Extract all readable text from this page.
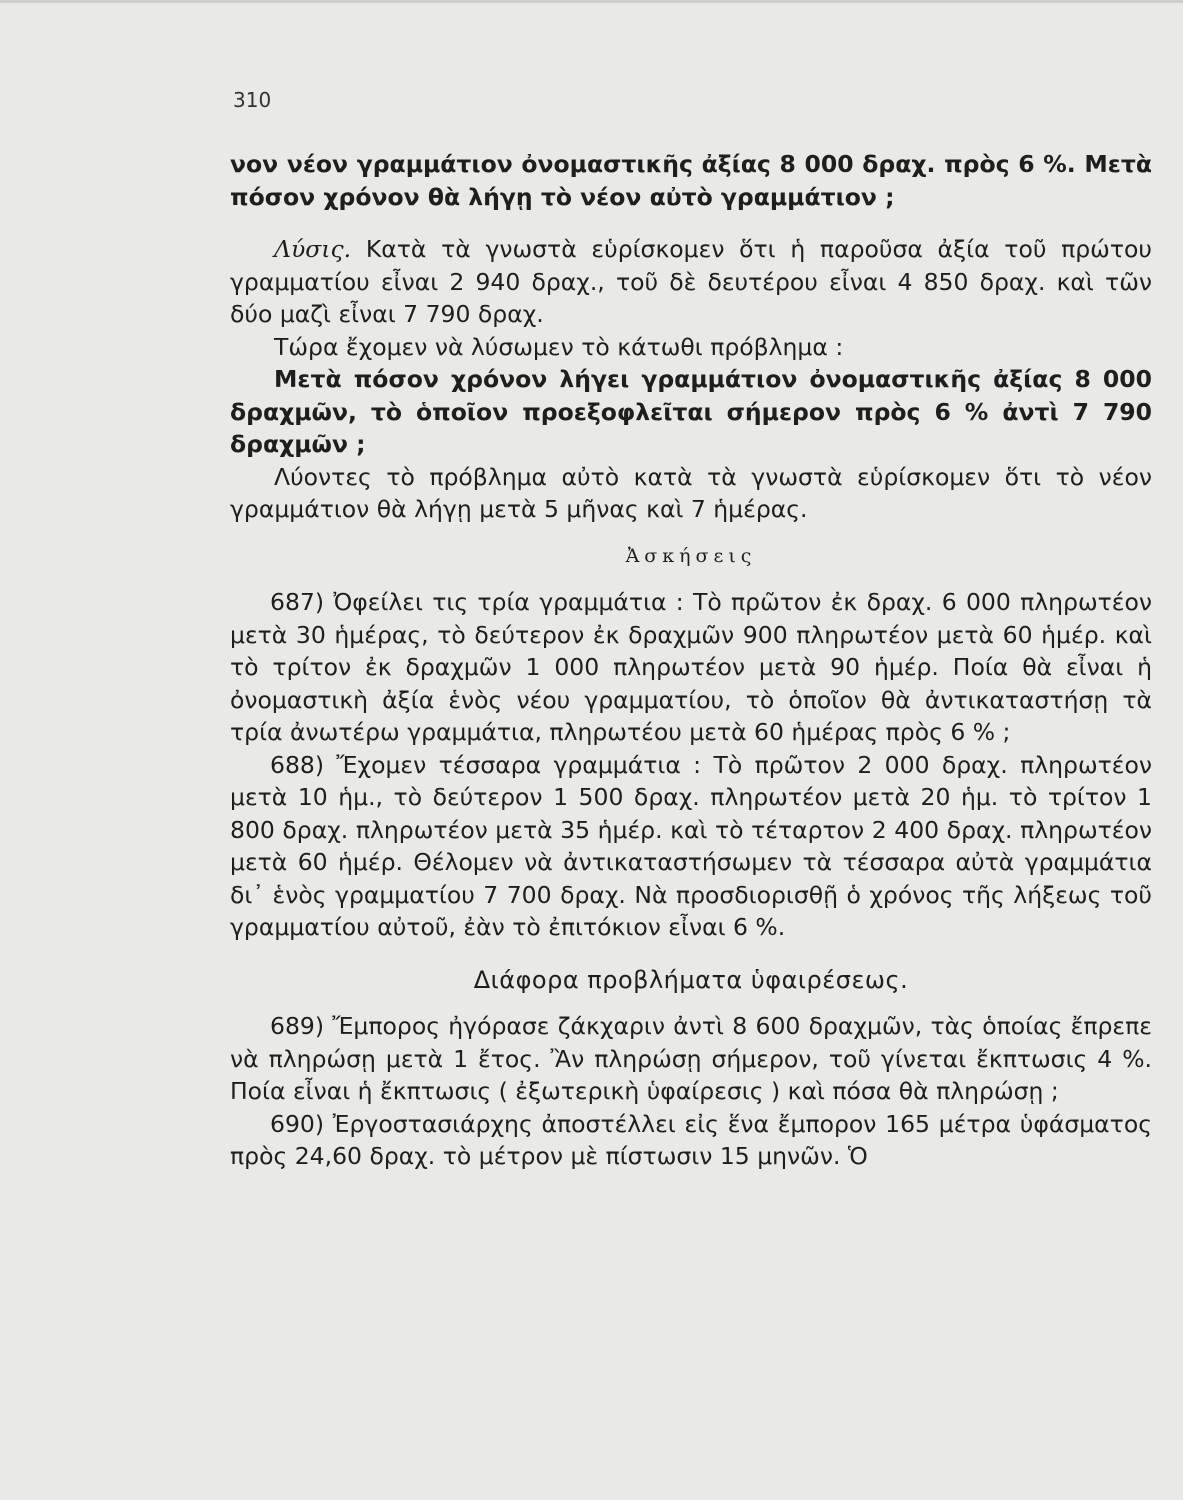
310

νον νέον γραμμάτιον ὀνομαστικῆς ἀξίας 8 000 δραχ. πρὸς 6 %. Μετὰ πόσον χρόνον θὰ λήγῃ τὸ νέον αὐτὸ γραμμάτιον ;

Λύσις. Κατὰ τὰ γνωστὰ εὑρίσκομεν ὅτι ἡ παροῦσα ἀξία τοῦ πρώτου γραμματίου εἶναι 2 940 δραχ., τοῦ δὲ δευτέρου εἶναι 4 850 δραχ. καὶ τῶν δύο μαζὶ εἶναι 7 790 δραχ.

Τώρα ἔχομεν νὰ λύσωμεν τὸ κάτωθι πρόβλημα :

Μετὰ πόσον χρόνον λήγει γραμμάτιον ὀνομαστικῆς ἀξίας 8 000 δραχμῶν, τὸ ὁποῖον προεξοφλεῖται σήμερον πρὸς 6 % ἀντὶ 7 790 δραχμῶν ;

Λύοντες τὸ πρόβλημα αὐτὸ κατὰ τὰ γνωστὰ εὑρίσκομεν ὅτι τὸ νέον γραμμάτιον θὰ λήγῃ μετὰ 5 μῆνας καὶ 7 ἡμέρας.

Ἀσκήσεις

687) Ὀφείλει τις τρία γραμμάτια : Τὸ πρῶτον ἐκ δραχ. 6 000 πληρωτέον μετὰ 30 ἡμέρας, τὸ δεύτερον ἐκ δραχμῶν 900 πληρωτέον μετὰ 60 ἡμέρ. καὶ τὸ τρίτον ἐκ δραχμῶν 1 000 πληρωτέον μετὰ 90 ἡμέρ. Ποία θὰ εἶναι ἡ ὀνομαστικὴ ἀξία ἑνὸς νέου γραμματίου, τὸ ὁποῖον θὰ ἀντικαταστήσῃ τὰ τρία ἀνωτέρω γραμμάτια, πληρωτέου μετὰ 60 ἡμέρας πρὸς 6 % ;

688) Ἔχομεν τέσσαρα γραμμάτια : Τὸ πρῶτον 2 000 δραχ. πληρωτέον μετὰ 10 ἡμ., τὸ δεύτερον 1 500 δραχ. πληρωτέον μετὰ 20 ἡμ. τὸ τρίτον 1 800 δραχ. πληρωτέον μετὰ 35 ἡμέρ. καὶ τὸ τέταρτον 2 400 δραχ. πληρωτέον μετὰ 60 ἡμέρ. Θέλομεν νὰ ἀντικαταστήσωμεν τὰ τέσσαρα αὐτὰ γραμμάτια δι᾽ ἑνὸς γραμματίου 7 700 δραχ. Νὰ προσδιορισθῇ ὁ χρόνος τῆς λήξεως τοῦ γραμματίου αὐτοῦ, ἐὰν τὸ ἐπιτόκιον εἶναι 6 %.

Διάφορα προβλήματα ὑφαιρέσεως.

689) Ἔμπορος ἠγόρασε ζάκχαριν ἀντὶ 8 600 δραχμῶν, τὰς ὁποίας ἔπρεπε νὰ πληρώσῃ μετὰ 1 ἔτος. Ἂν πληρώσῃ σήμερον, τοῦ γίνεται ἔκπτωσις 4 %. Ποία εἶναι ἡ ἔκπτωσις ( ἐξωτερικὴ ὑφαίρεσις ) καὶ πόσα θὰ πληρώσῃ ;

690) Ἐργοστασιάρχης ἀποστέλλει εἰς ἕνα ἔμπορον 165 μέτρα ὑφάσματος πρὸς 24,60 δραχ. τὸ μέτρον μὲ πίστωσιν 15 μηνῶν. Ὁ
